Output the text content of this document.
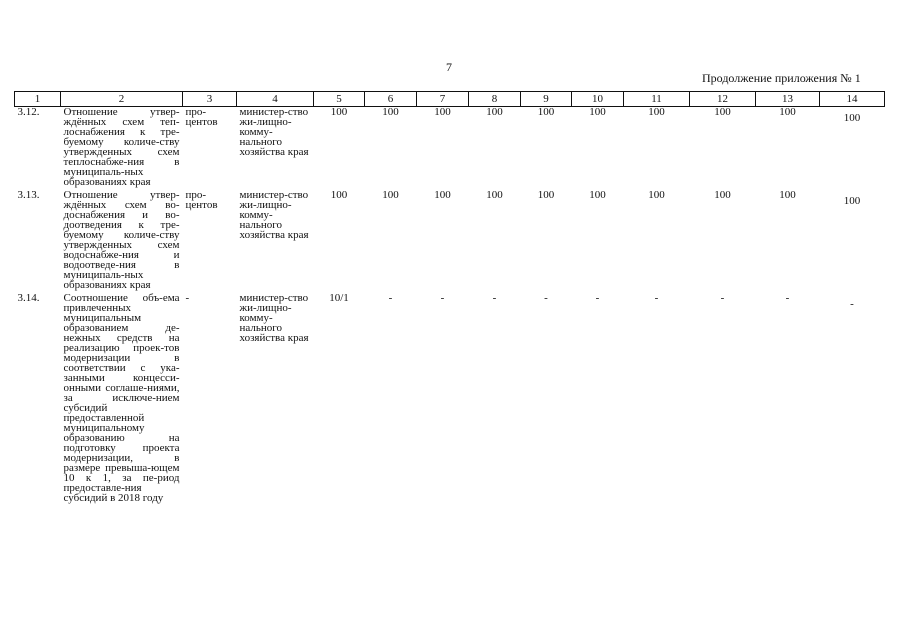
7
Продолжение приложения № 1
1	2	3	4	5	6	7	8	9	10	11	12	13	14
3.12.	Отношение утвер-ждённых схем теп-лоснабжения к тре-буемому количе-ству утвержденных схем теплоснабже-ния в муниципаль-ных образованиях края	про-центов	министер-ство жи-лищно-комму-нального хозяйства края	100	100	100	100	100	100	100	100	100	100
3.13.	Отношение утвер-ждённых схем во-доснабжения и во-доотведения к тре-буемому количе-ству утвержденных схем водоснабже-ния и водоотведе-ния в муниципаль-ных образованиях края	про-центов	министер-ство жи-лищно-комму-нального хозяйства края	100	100	100	100	100	100	100	100	100	100
3.14.	Соотношение объ-ема привлеченных муниципальным образованием де-нежных средств на реализацию проек-тов модернизации в соответствии с ука-занными концесси-онными соглаше-ниями, за исключе-нием субсидий предоставленной муниципальному образованию на подготовку проекта модернизации, в размере превыша-ющем 10 к 1, за пе-риод предоставле-ния субсидий в 2018 году	-	министер-ство жи-лищно-комму-нального хозяйства края	10/1	-	-	-	-	-	-	-	-	-
